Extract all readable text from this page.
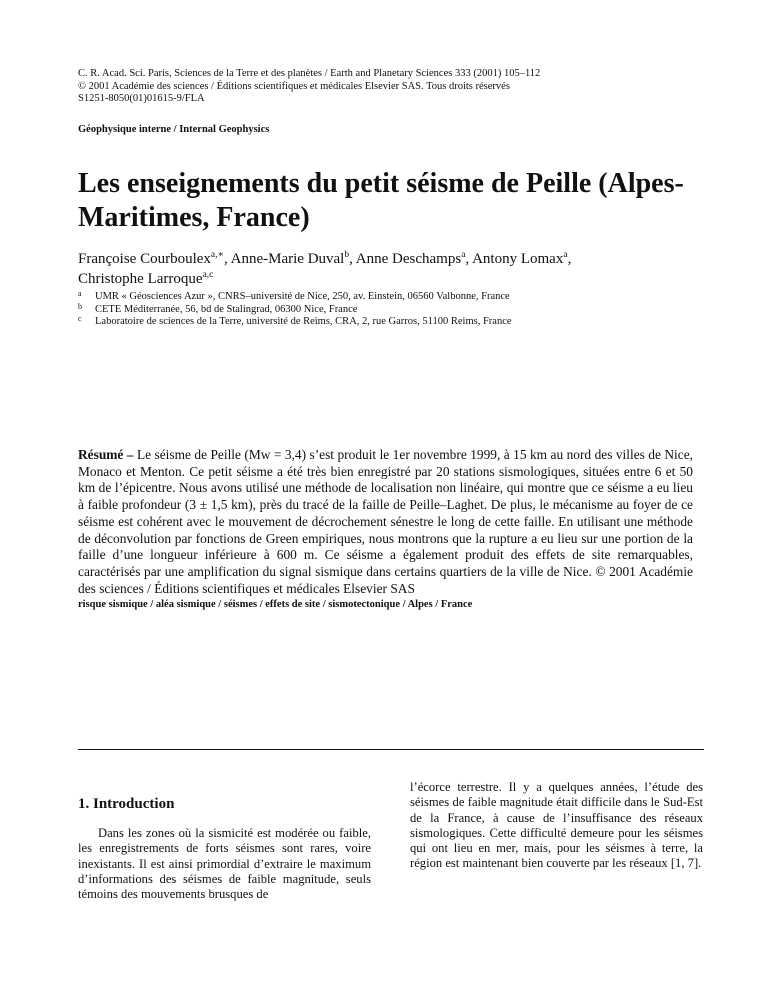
C. R. Acad. Sci. Paris, Sciences de la Terre et des planètes / Earth and Planetary Sciences 333 (2001) 105–112
© 2001 Académie des sciences / Éditions scientifiques et médicales Elsevier SAS. Tous droits réservés
S1251-8050(01)01615-9/FLA
Géophysique interne / Internal Geophysics
Les enseignements du petit séisme de Peille (Alpes-Maritimes, France)
Françoise Courboulex$^{a,∗}$, Anne-Marie Duval$^b$, Anne Deschamps$^a$, Antony Lomax$^a$,
Christophe Larroque$^{a,c}$
a UMR « Géosciences Azur », CNRS–université de Nice, 250, av. Einstein, 06560 Valbonne, France
b CETE Méditerranée, 56, bd de Stalingrad, 06300 Nice, France
c Laboratoire de sciences de la Terre, université de Reims, CRA, 2, rue Garros, 51100 Reims, France
Résumé – Le séisme de Peille (Mw = 3,4) s’est produit le 1er novembre 1999, à 15 km au nord des villes de Nice, Monaco et Menton. Ce petit séisme a été très bien enregistré par 20 stations sismologiques, situées entre 6 et 50 km de l’épicentre. Nous avons utilisé une méthode de localisation non linéaire, qui montre que ce séisme a eu lieu à faible profondeur (3 ± 1,5 km), près du tracé de la faille de Peille–Laghet. De plus, le mécanisme au foyer de ce séisme est cohérent avec le mouvement de décrochement sénestre le long de cette faille. En utilisant une méthode de déconvolution par fonctions de Green empiriques, nous montrons que la rupture a eu lieu sur une portion de la faille d’une longueur inférieure à 600 m. Ce séisme a également produit des effets de site remarquables, caractérisés par une amplification du signal sismique dans certains quartiers de la ville de Nice. © 2001 Académie des sciences / Éditions scientifiques et médicales Elsevier SAS
risque sismique / aléa sismique / séismes / effets de site / sismotectonique / Alpes / France
1. Introduction

Dans les zones où la sismicité est modérée ou faible, les enregistrements de forts séismes sont rares, voire inexistants. Il est ainsi primordial d’extraire le maximum d’informations des séismes de faible magnitude, seuls témoins des mouvements brusques de

l’écorce terrestre. Il y a quelques années, l’étude des séismes de faible magnitude était difficile dans le Sud-Est de la France, à cause de l’insuffisance des réseaux sismologiques. Cette difficulté demeure pour les séismes qui ont lieu en mer, mais, pour les séismes à terre, la région est maintenant bien couverte par les réseaux [1, 7].
